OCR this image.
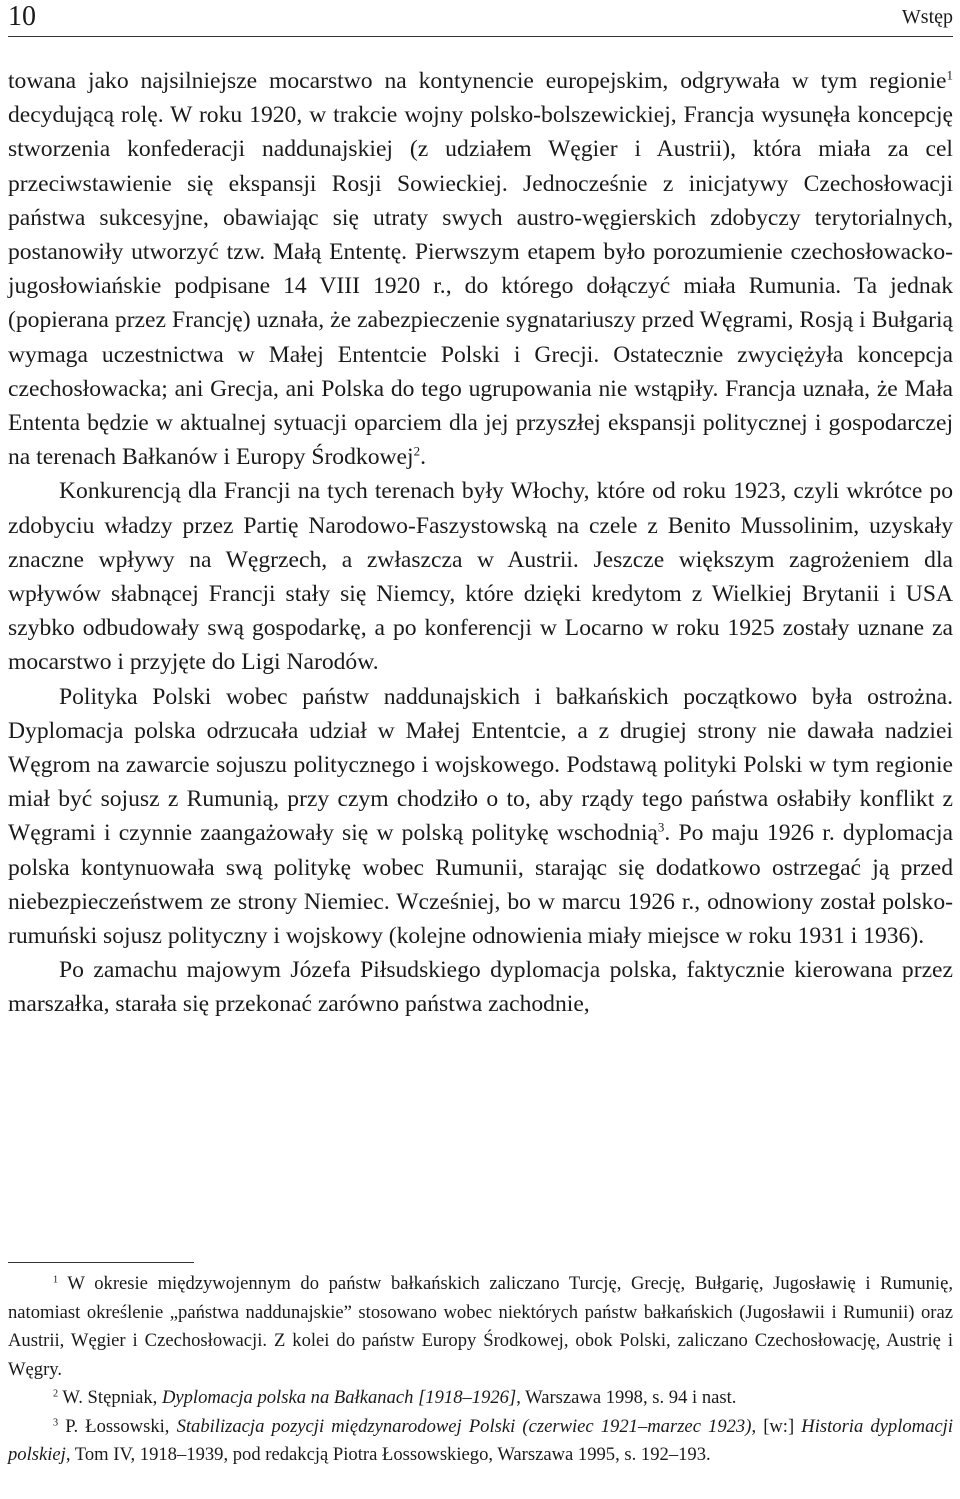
10	Wstęp

towana jako najsilniejsze mocarstwo na kontynencie europejskim, odgrywała w tym regionie$^1$ decydującą rolę. W roku 1920, w trakcie wojny polsko-bolszewickiej, Francja wysunęła koncepcję stworzenia konfederacji naddunajskiej (z udziałem Węgier i Austrii), która miała za cel przeciwstawienie się ekspansji Rosji Sowieckiej. Jednocześnie z inicjatywy Czechosłowacji państwa sukcesyjne, obawiając się utraty swych austro-węgierskich zdobyczy terytorialnych, postanowiły utworzyć tzw. Małą Ententę. Pierwszym etapem było porozumienie czechosłowacko-jugosłowiańskie podpisane 14 VIII 1920 r., do którego dołączyć miała Rumunia. Ta jednak (popierana przez Francję) uznała, że zabezpieczenie sygnatariuszy przed Węgrami, Rosją i Bułgarią wymaga uczestnictwa w Małej Ententcie Polski i Grecji. Ostatecznie zwyciężyła koncepcja czechosłowacka; ani Grecja, ani Polska do tego ugrupowania nie wstąpiły. Francja uznała, że Mała Ententa będzie w aktualnej sytuacji oparciem dla jej przyszłej ekspansji politycznej i gospodarczej na terenach Bałkanów i Europy Środkowej$^2$.

Konkurencją dla Francji na tych terenach były Włochy, które od roku 1923, czyli wkrótce po zdobyciu władzy przez Partię Narodowo-Faszystowską na czele z Benito Mussolinim, uzyskały znaczne wpływy na Węgrzech, a zwłaszcza w Austrii. Jeszcze większym zagrożeniem dla wpływów słabnącej Francji stały się Niemcy, które dzięki kredytom z Wielkiej Brytanii i USA szybko odbudowały swą gospodarkę, a po konferencji w Locarno w roku 1925 zostały uznane za mocarstwo i przyjęte do Ligi Narodów.

Polityka Polski wobec państw naddunajskich i bałkańskich początkowo była ostrożna. Dyplomacja polska odrzucała udział w Małej Ententcie, a z drugiej strony nie dawała nadziei Węgrom na zawarcie sojuszu politycznego i wojskowego. Podstawą polityki Polski w tym regionie miał być sojusz z Rumunią, przy czym chodziło o to, aby rządy tego państwa osłabiły konflikt z Węgrami i czynnie zaangażowały się w polską politykę wschodnią$^3$. Po maju 1926 r. dyplomacja polska kontynuowała swą politykę wobec Rumunii, starając się dodatkowo ostrzegać ją przed niebezpieczeństwem ze strony Niemiec. Wcześniej, bo w marcu 1926 r., odnowiony został polsko-rumuński sojusz polityczny i wojskowy (kolejne odnowienia miały miejsce w roku 1931 i 1936).

Po zamachu majowym Józefa Piłsudskiego dyplomacja polska, faktycznie kierowana przez marszałka, starała się przekonać zarówno państwa zachodnie,

$^1$ W okresie międzywojennym do państw bałkańskich zaliczano Turcję, Grecję, Bułgarię, Jugosławię i Rumunię, natomiast określenie „państwa naddunajskie” stosowano wobec niektórych państw bałkańskich (Jugosławii i Rumunii) oraz Austrii, Węgier i Czechosłowacji. Z kolei do państw Europy Środkowej, obok Polski, zaliczano Czechosłowację, Austrię i Węgry.

$^2$ W. Stępniak, Dyplomacja polska na Bałkanach [1918–1926], Warszawa 1998, s. 94 i nast.

$^3$ P. Łossowski, Stabilizacja pozycji międzynarodowej Polski (czerwiec 1921–marzec 1923), [w:] Historia dyplomacji polskiej, Tom IV, 1918–1939, pod redakcją Piotra Łossowskiego, Warszawa 1995, s. 192–193.
